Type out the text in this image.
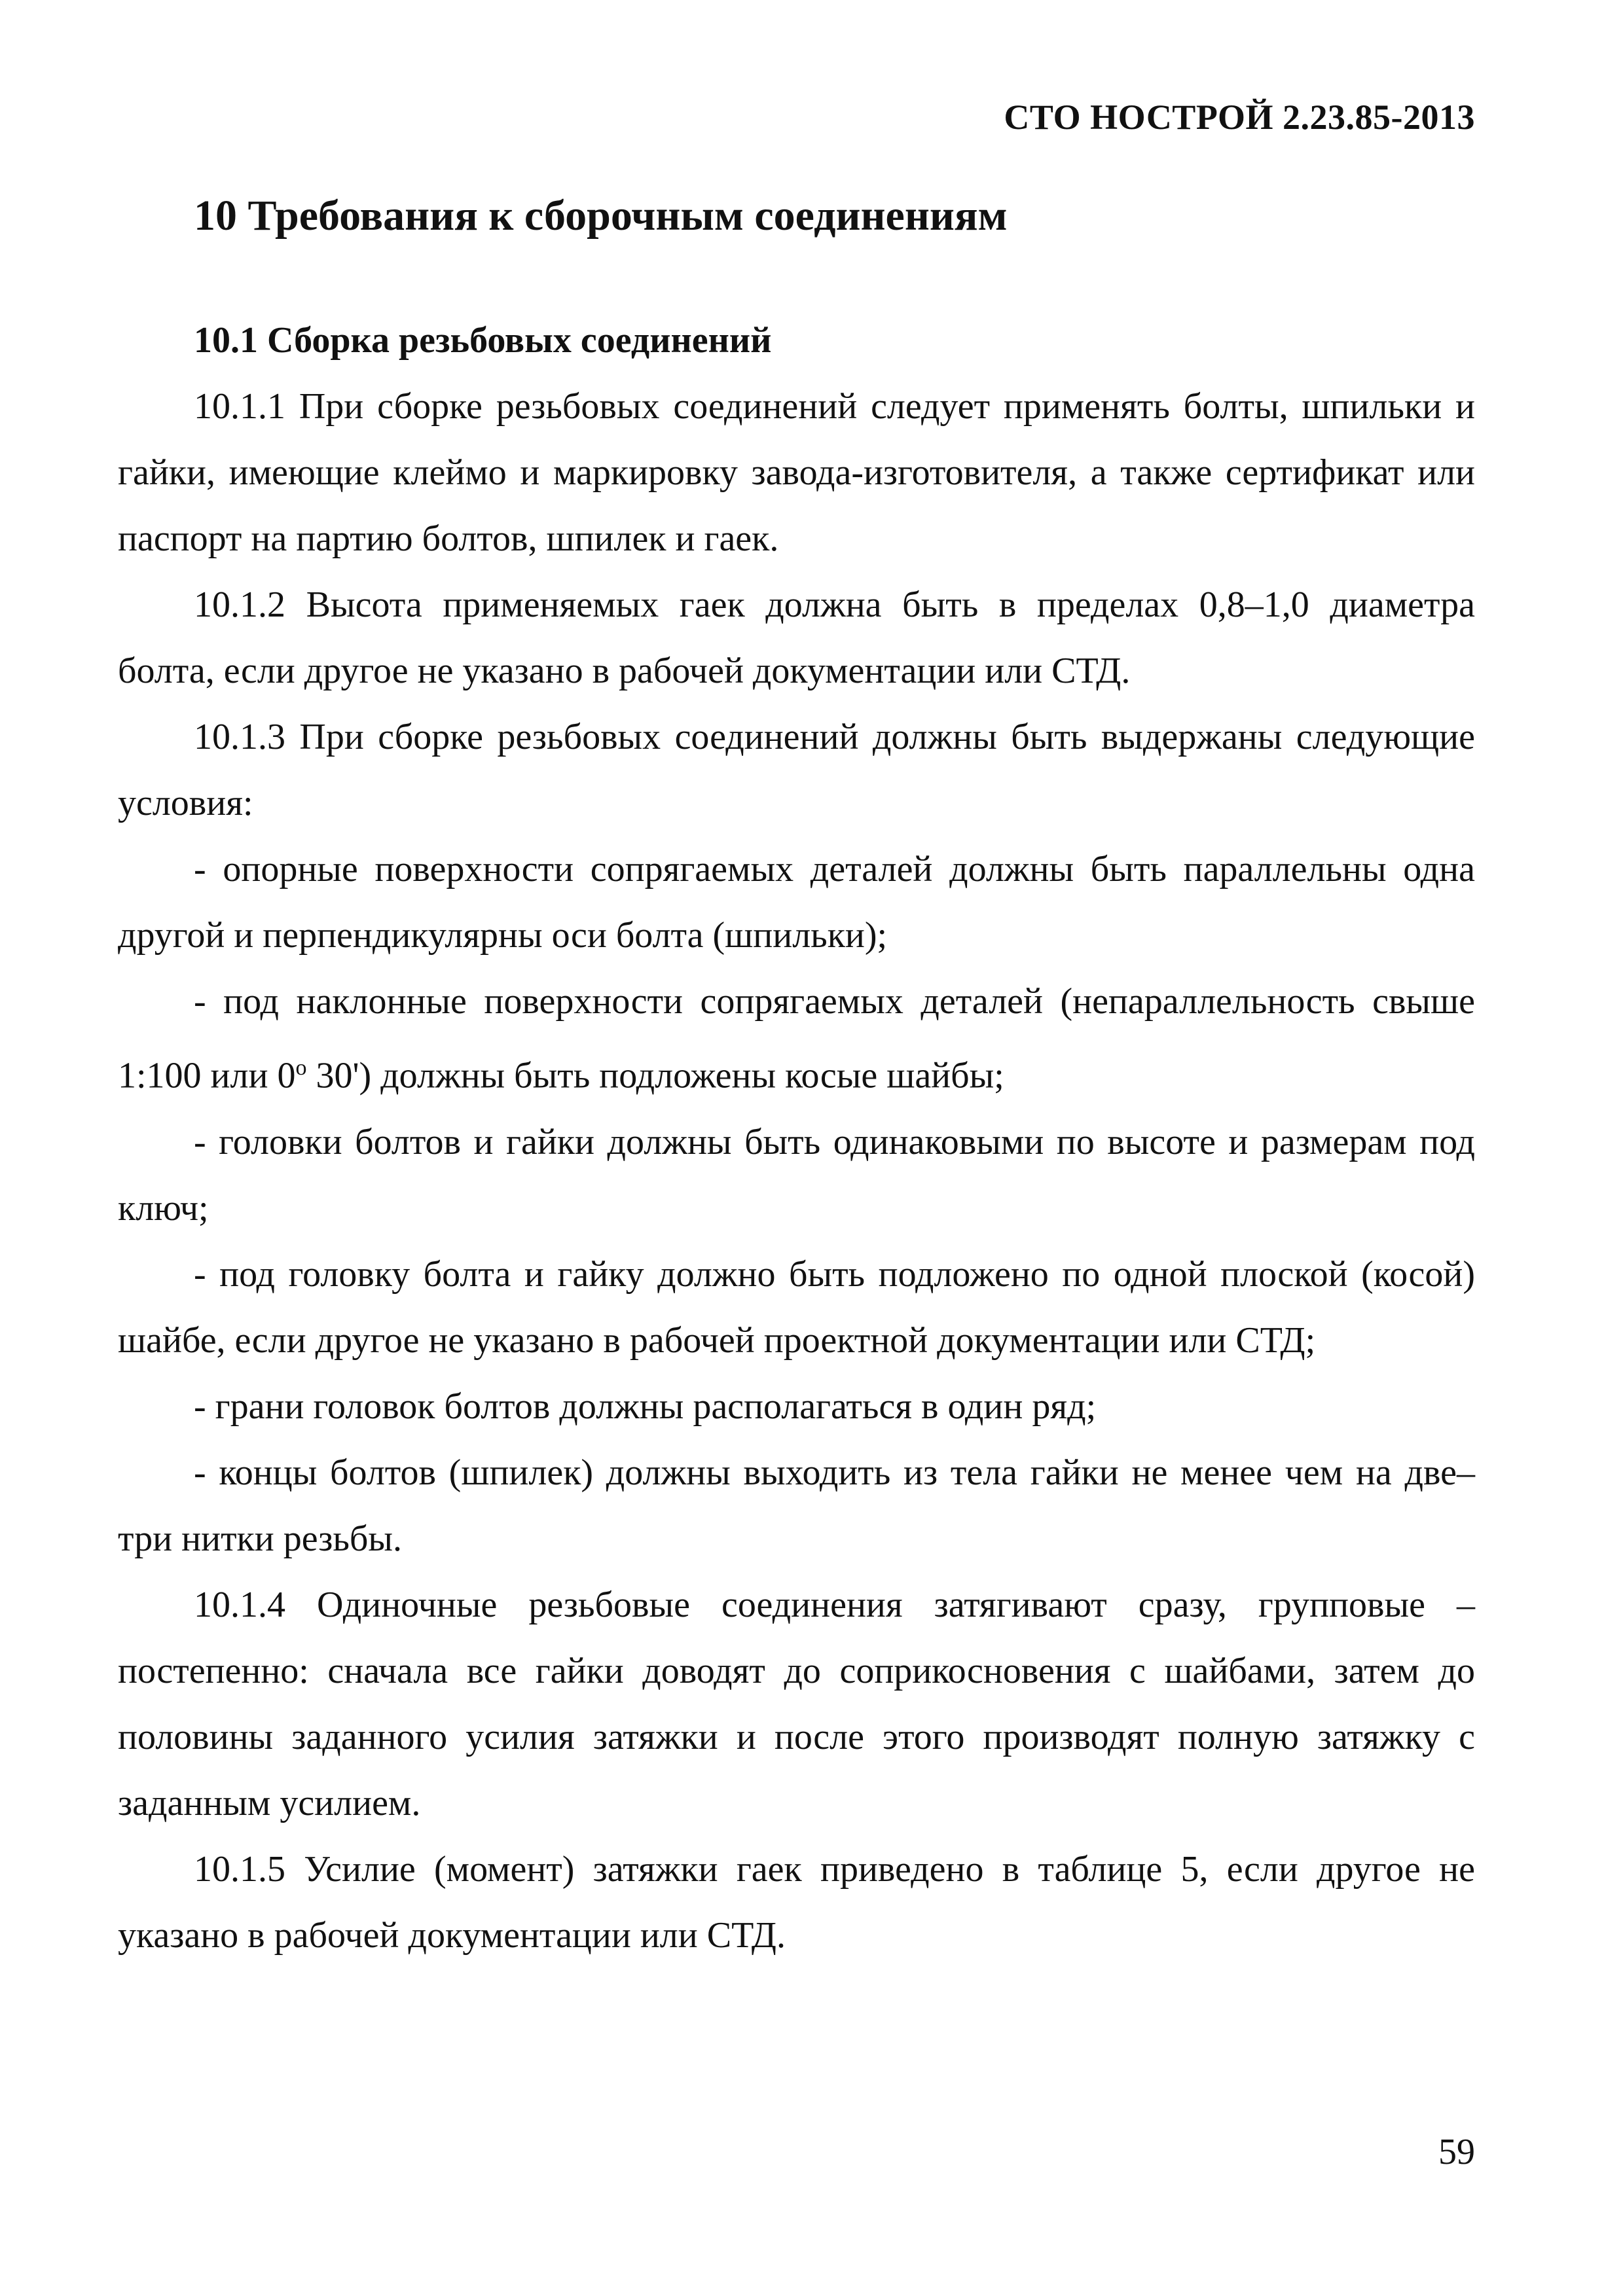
СТО НОСТРОЙ 2.23.85-2013
10 Требования к сборочным соединениям

10.1 Сборка резьбовых соединений

10.1.1 При сборке резьбовых соединений следует применять болты, шпильки и гайки, имеющие клеймо и маркировку завода-изготовителя, а также сертификат или паспорт на партию болтов, шпилек и гаек.

10.1.2 Высота применяемых гаек должна быть в пределах 0,8–1,0 диаметра болта, если другое не указано в рабочей документации или СТД.

10.1.3 При сборке резьбовых соединений должны быть выдержаны следующие условия:

- опорные поверхности сопрягаемых деталей должны быть параллельны одна другой и перпендикулярны оси болта (шпильки);

- под наклонные поверхности сопрягаемых деталей (непараллельность свыше 1:100 или $0^о$ 30') должны быть подложены косые шайбы;

- головки болтов и гайки должны быть одинаковыми по высоте и размерам под ключ;

- под головку болта и гайку должно быть подложено по одной плоской (косой) шайбе, если другое не указано в рабочей проектной документации или СТД;

- грани головок болтов должны располагаться в один ряд;

- концы болтов (шпилек) должны выходить из тела гайки не менее чем на две–три нитки резьбы.

10.1.4 Одиночные резьбовые соединения затягивают сразу, групповые – постепенно: сначала все гайки доводят до соприкосновения с шайбами, затем до половины заданного усилия затяжки и после этого производят полную затяжку с заданным усилием.

10.1.5 Усилие (момент) затяжки гаек приведено в таблице 5, если другое не указано в рабочей документации или СТД.

59
